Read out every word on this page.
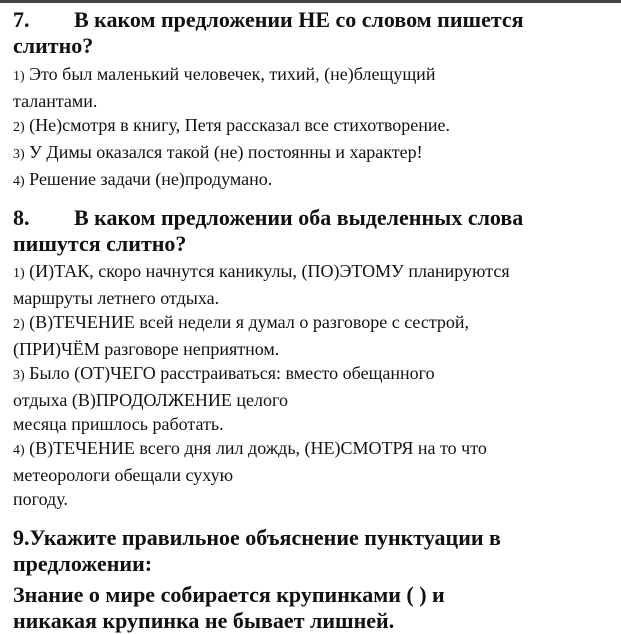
7. В каком предложении НЕ со словом пишется
слитно?

1) Это был маленький человечек, тихий, (не)блещущий
талантами.

2) (Не)смотря в книгу, Петя рассказал все стихотворение.

3) У Димы оказался такой (не) постоянны и характер!

4) Решение задачи (не)продумано.

8. В каком предложении оба выделенных слова
пишутся слитно?

1) (И)ТАК, скоро начнутся каникулы, (ПО)ЭТОМУ планируются
маршруты летнего отдыха.

2) (В)ТЕЧЕНИЕ всей недели я думал о разговоре с сестрой,
(ПРИ)ЧЁМ разговоре неприятном.

3) Было (ОТ)ЧЕГО расстраиваться: вместо обещанного
отдыха (В)ПРОДОЛЖЕНИЕ целого
месяца пришлось работать.

4) (В)ТЕЧЕНИЕ всего дня лил дождь, (НЕ)СМОТРЯ на то что
метеорологи обещали сухую
погоду.

9.Укажите правильное объяснение пунктуации в
предложении:

Знание о мире собирается крупинками ( ) и
никакая крупинка не бывает лишней.
